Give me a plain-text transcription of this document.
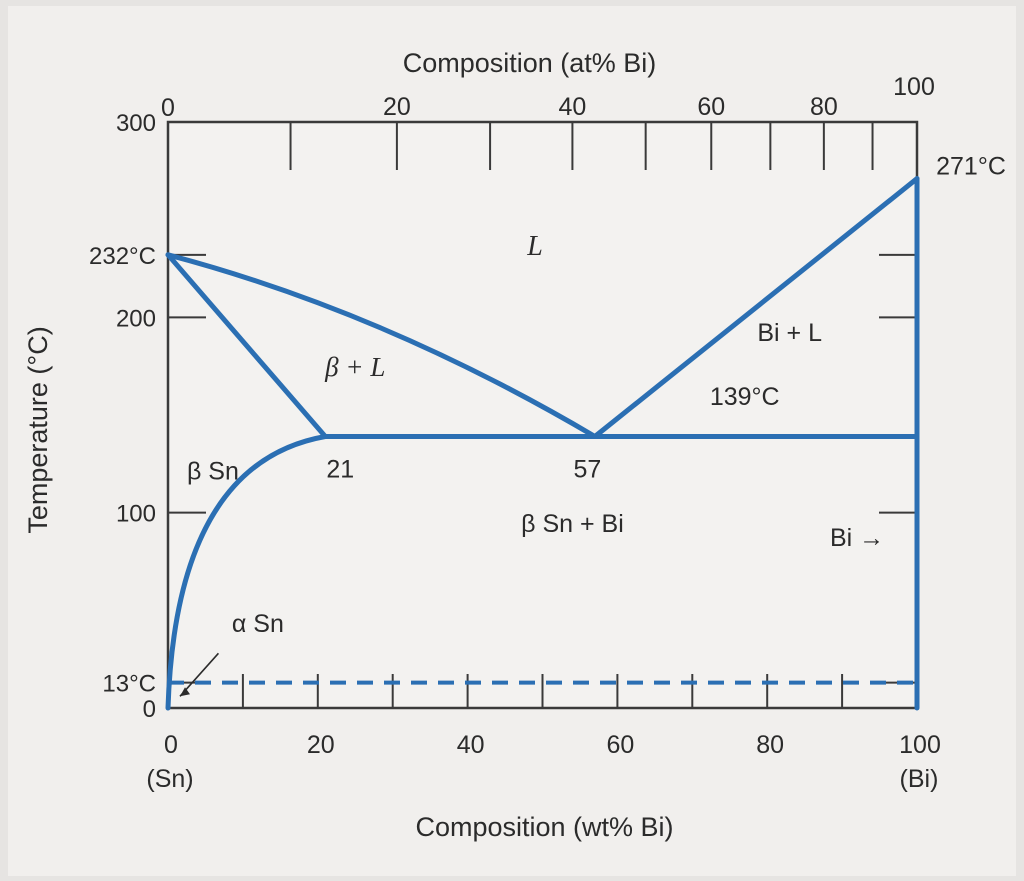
0
13°C
100
200
232°C
300
0	20	40	60	80	100
(Sn)	(Bi)
0	20	40	60	80
100
Composition (wt% Bi)
Composition (at% Bi)
Temperature (°C)
L
β + L
Bi + L
139°C
21	57
β Sn
β Sn + Bi	Bi →
α Sn
271°C
